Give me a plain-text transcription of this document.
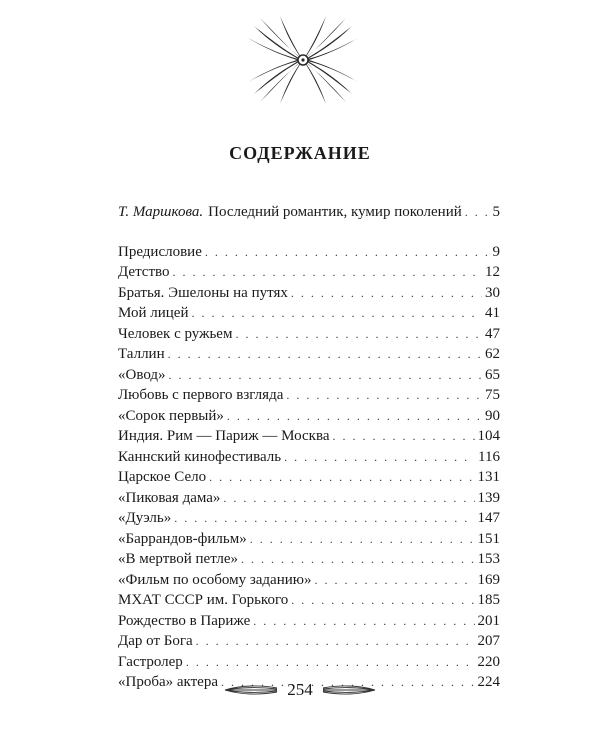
СОДЕРЖАНИЕ
Т. Маршкова. Последний романтик, кумир поколений . . . 5
Предисловие . . .	9
Детство . . .	12
Братья. Эшелоны на путях . . .	30
Мой лицей . . .	41
Человек с ружьем . . .	47
Таллин . . .	62
«Овод» . . .	65
Любовь с первого взгляда . . .	75
«Сорок первый» . . .	90
Индия. Рим — Париж — Москва . . .	104
Каннский кинофестиваль . . .	116
Царское Село . . .	131
«Пиковая дама» . . .	139
«Дуэль» . . .	147
«Баррандов-фильм» . . .	151
«В мертвой петле» . . .	153
«Фильм по особому заданию» . . .	169
МХАТ СССР им. Горького . . .	185
Рождество в Париже . . .	201
Дар от Бога . . .	207
Гастролер . . .	220
«Проба» актера . . .	224
254
